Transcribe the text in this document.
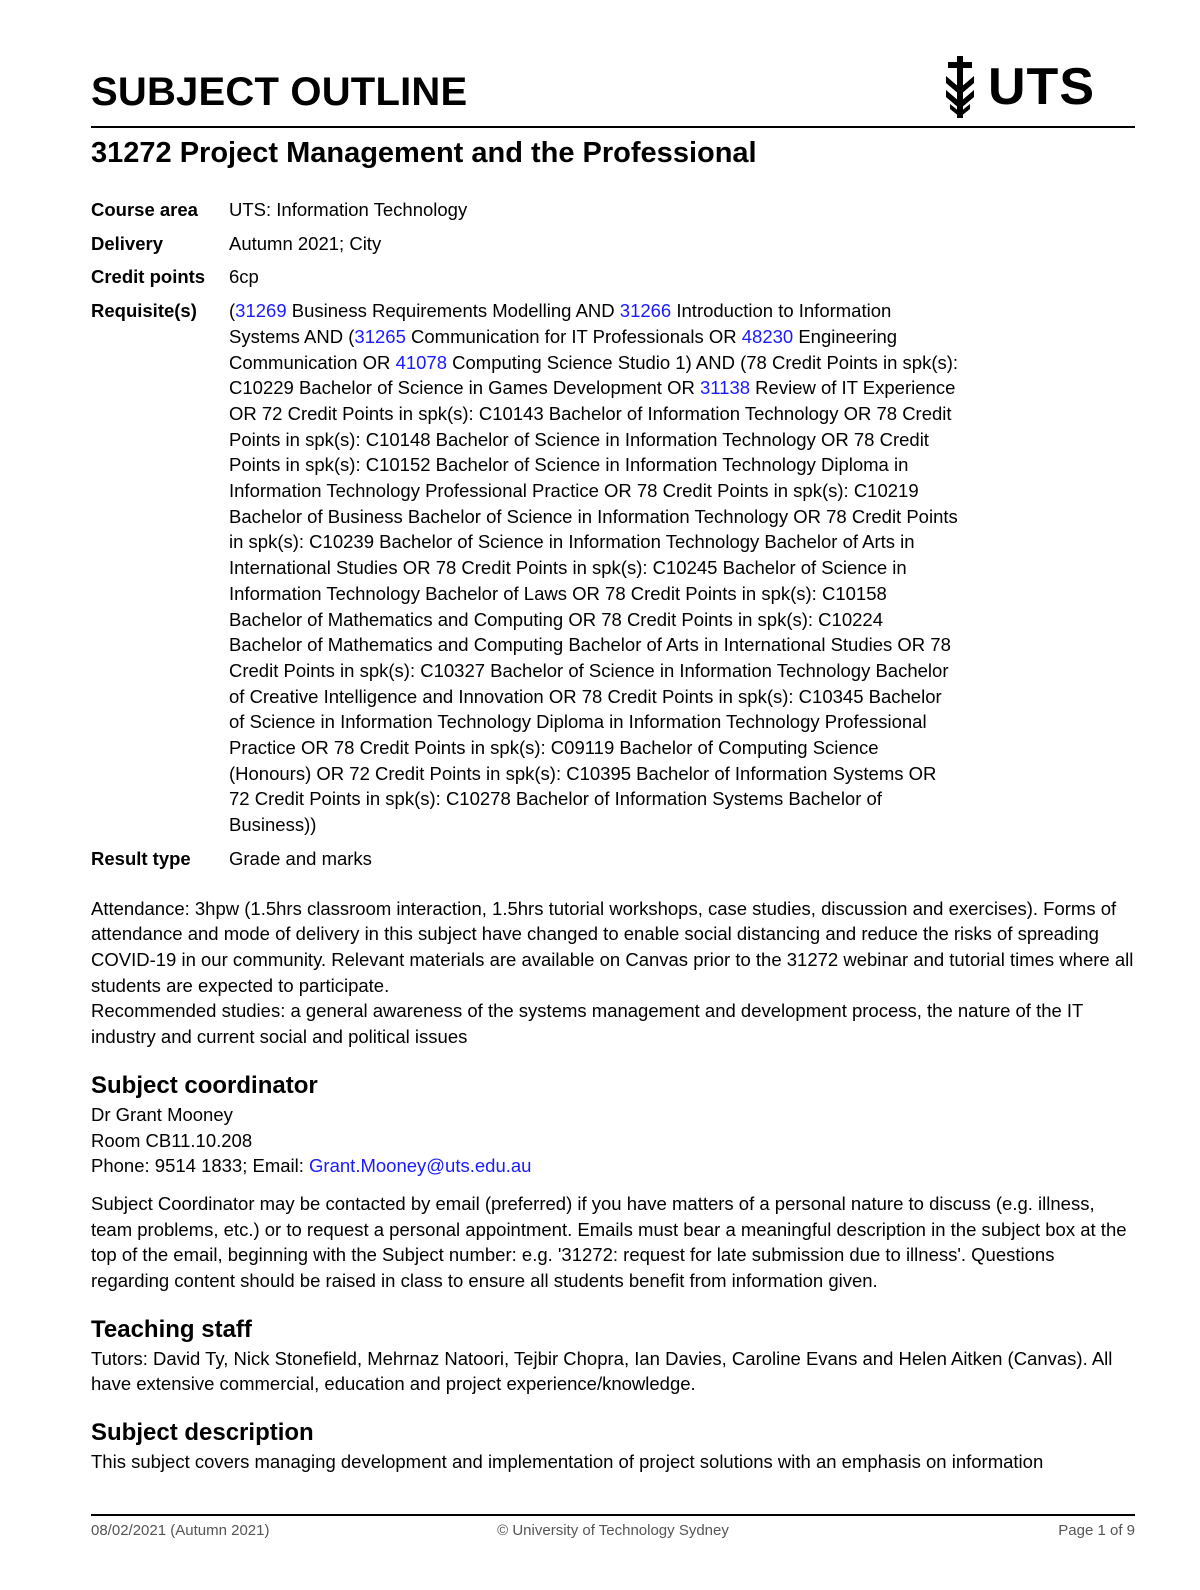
SUBJECT OUTLINE	UTS
31272 Project Management and the Professional
Course area	UTS: Information Technology
Delivery	Autumn 2021; City
Credit points	6cp
Requisite(s)	(31269 Business Requirements Modelling AND 31266 Introduction to Information Systems AND (31265 Communication for IT Professionals OR 48230 Engineering Communication OR 41078 Computing Science Studio 1) AND (78 Credit Points in spk(s): C10229 Bachelor of Science in Games Development OR 31138 Review of IT Experience OR 72 Credit Points in spk(s): C10143 Bachelor of Information Technology OR 78 Credit Points in spk(s): C10148 Bachelor of Science in Information Technology OR 78 Credit Points in spk(s): C10152 Bachelor of Science in Information Technology Diploma in Information Technology Professional Practice OR 78 Credit Points in spk(s): C10219 Bachelor of Business Bachelor of Science in Information Technology OR 78 Credit Points in spk(s): C10239 Bachelor of Science in Information Technology Bachelor of Arts in International Studies OR 78 Credit Points in spk(s): C10245 Bachelor of Science in Information Technology Bachelor of Laws OR 78 Credit Points in spk(s): C10158 Bachelor of Mathematics and Computing OR 78 Credit Points in spk(s): C10224 Bachelor of Mathematics and Computing Bachelor of Arts in International Studies OR 78 Credit Points in spk(s): C10327 Bachelor of Science in Information Technology Bachelor of Creative Intelligence and Innovation OR 78 Credit Points in spk(s): C10345 Bachelor of Science in Information Technology Diploma in Information Technology Professional Practice OR 78 Credit Points in spk(s): C09119 Bachelor of Computing Science (Honours) OR 72 Credit Points in spk(s): C10395 Bachelor of Information Systems OR 72 Credit Points in spk(s): C10278 Bachelor of Information Systems Bachelor of Business))
Result type	Grade and marks

Attendance: 3hpw (1.5hrs classroom interaction, 1.5hrs tutorial workshops, case studies, discussion and exercises). Forms of attendance and mode of delivery in this subject have changed to enable social distancing and reduce the risks of spreading COVID-19 in our community. Relevant materials are available on Canvas prior to the 31272 webinar and tutorial times where all students are expected to participate.

Recommended studies: a general awareness of the systems management and development process, the nature of the IT industry and current social and political issues

Subject coordinator

Dr Grant Mooney

Room CB11.10.208

Phone: 9514 1833; Email: Grant.Mooney@uts.edu.au

Subject Coordinator may be contacted by email (preferred) if you have matters of a personal nature to discuss (e.g. illness, team problems, etc.) or to request a personal appointment. Emails must bear a meaningful description in the subject box at the top of the email, beginning with the Subject number: e.g. '31272: request for late submission due to illness'. Questions regarding content should be raised in class to ensure all students benefit from information given.

Teaching staff

Tutors: David Ty, Nick Stonefield, Mehrnaz Natoori, Tejbir Chopra, Ian Davies, Caroline Evans and Helen Aitken (Canvas). All have extensive commercial, education and project experience/knowledge.

Subject description

This subject covers managing development and implementation of project solutions with an emphasis on information

08/02/2021 (Autumn 2021)	© University of Technology Sydney	Page 1 of 9
